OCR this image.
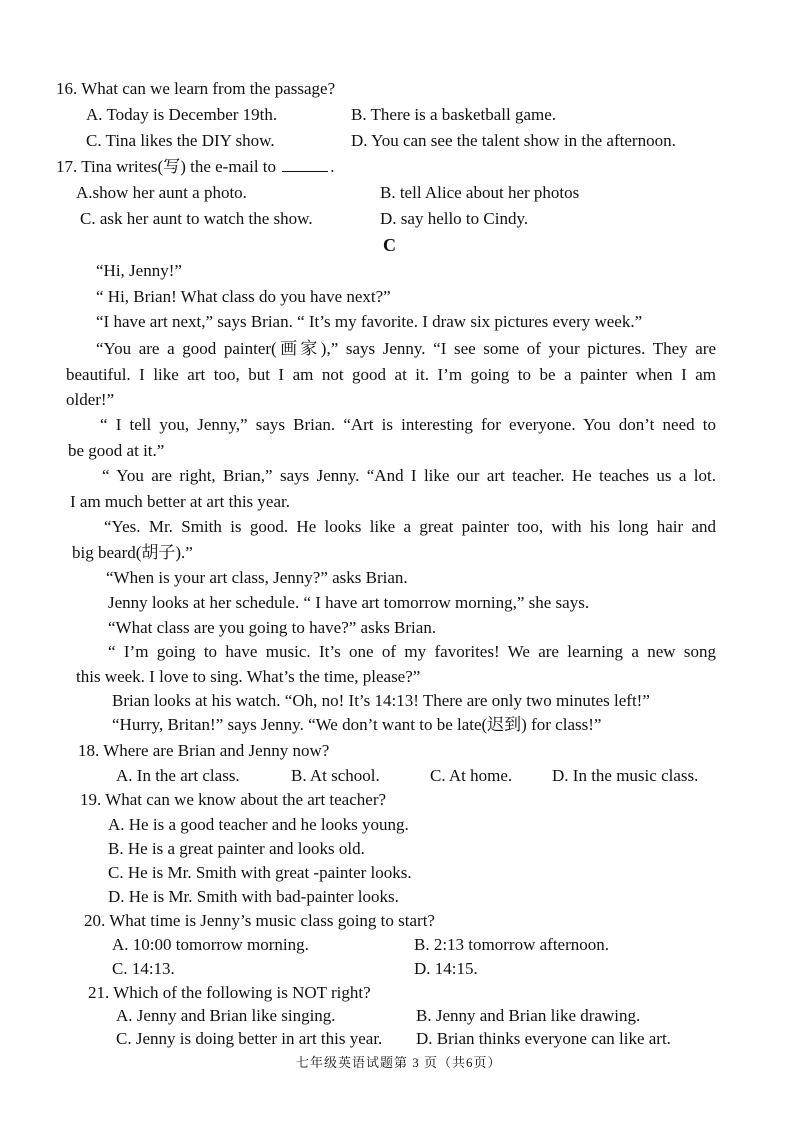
16. What can we learn from the passage?
A. Today is December 19th.	B. There is a basketball game.
C. Tina likes the DIY show.	D. You can see the talent show in the afternoon.
17. Tina writes(写) the e-mail to	.
A.show her aunt a photo.	B. tell Alice about her photos
C. ask her aunt to watch the show.	D. say hello to Cindy.
C
“Hi, Jenny!”
“ Hi, Brian! What class do you have next?”
“I have art next,” says Brian. “ It’s my favorite. I draw six pictures every week.”
“You are a good painter(画家),” says Jenny. “I see some of your pictures. They are
beautiful. I like art too, but I am not good at it. I’m going to be a painter when I am
older!”
“ I tell you, Jenny,” says Brian. “Art is interesting for everyone. You don’t need to
be good at it.”
“ You are right, Brian,” says Jenny. “And I like our art teacher. He teaches us a lot.
I am much better at art this year.
“Yes. Mr. Smith is good. He looks like a great painter too, with his long hair and
big beard(胡子).”
“When is your art class, Jenny?” asks Brian.
Jenny looks at her schedule. “ I have art tomorrow morning,” she says.
“What class are you going to have?” asks Brian.
“ I’m going to have music. It’s one of my favorites! We are learning a new song
this week. I love to sing. What’s the time, please?”
Brian looks at his watch. “Oh, no! It’s 14:13! There are only two minutes left!”
“Hurry, Britan!” says Jenny. “We don’t want to be late(迟到) for class!”
18. Where are Brian and Jenny now?
A. In the art class.	B. At school.	C. At home. D. In the music class.
19. What can we know about the art teacher?
A. He is a good teacher and he looks young.
B. He is a great painter and looks old.
C. He is Mr. Smith with great -painter looks.
D. He is Mr. Smith with bad-painter looks.
20. What time is Jenny’s music class going to start?
A. 10:00 tomorrow morning.	B. 2:13 tomorrow afternoon.
C. 14:13.	D. 14:15.
21. Which of the following is NOT right?
A. Jenny and Brian like singing.	B. Jenny and Brian like drawing.
C. Jenny is doing better in art this year. D. Brian thinks everyone can like art.
七年级英语试题第 3 页（共6页）
